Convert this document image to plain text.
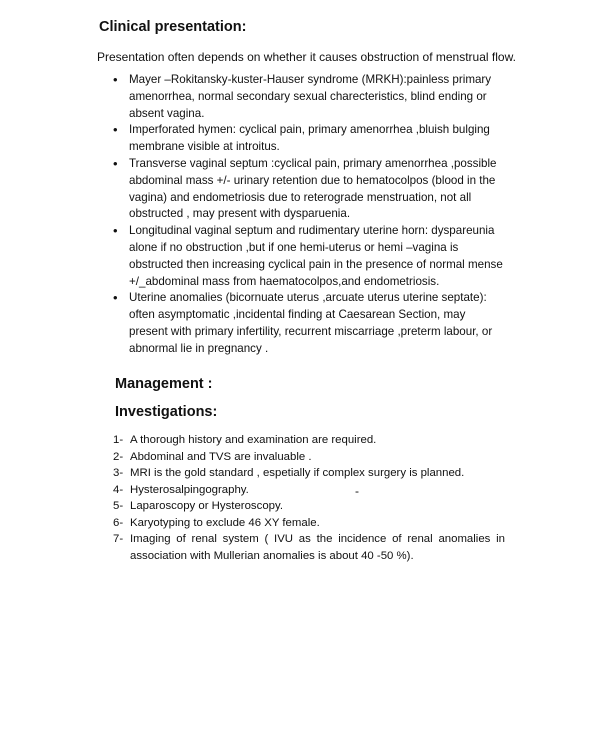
Clinical presentation:

Presentation often depends on whether it causes obstruction of menstrual flow.

• Mayer –Rokitansky-kuster-Hauser syndrome (MRKH):painless primary amenorrhea, normal secondary sexual charecteristics, blind ending or absent vagina.
• Imperforated hymen: cyclical pain, primary amenorrhea ,bluish bulging membrane visible at introitus.
• Transverse vaginal septum :cyclical pain, primary amenorrhea ,possible abdominal mass +/- urinary retention due to hematocolpos (blood in the vagina) and endometriosis due to reterograde menstruation, not all obstructed , may present with dysparuenia.
• Longitudinal vaginal septum and rudimentary uterine horn: dyspareunia alone if no obstruction ,but if one hemi-uterus or hemi –vagina is obstructed then increasing cyclical pain in the presence of normal mense +/_abdominal mass from haematocolpos,and endometriosis.
• Uterine anomalies (bicornuate uterus ,arcuate uterus uterine septate): often asymptomatic ,incidental finding at Caesarean Section, may present with primary infertility, recurrent miscarriage ,preterm labour, or abnormal lie in pregnancy .
Management :
Investigations:
1- A thorough history and examination are required.
2- Abdominal and TVS are invaluable .
3- MRI is the gold standard , espetially if complex surgery is planned.
4- Hysterosalpingography.
5- Laparoscopy or Hysteroscopy.
6- Karyotyping to exclude 46 XY female.
7- Imaging of renal system ( IVU as the incidence of renal anomalies in association with Mullerian anomalies is about 40 -50 %).
-
